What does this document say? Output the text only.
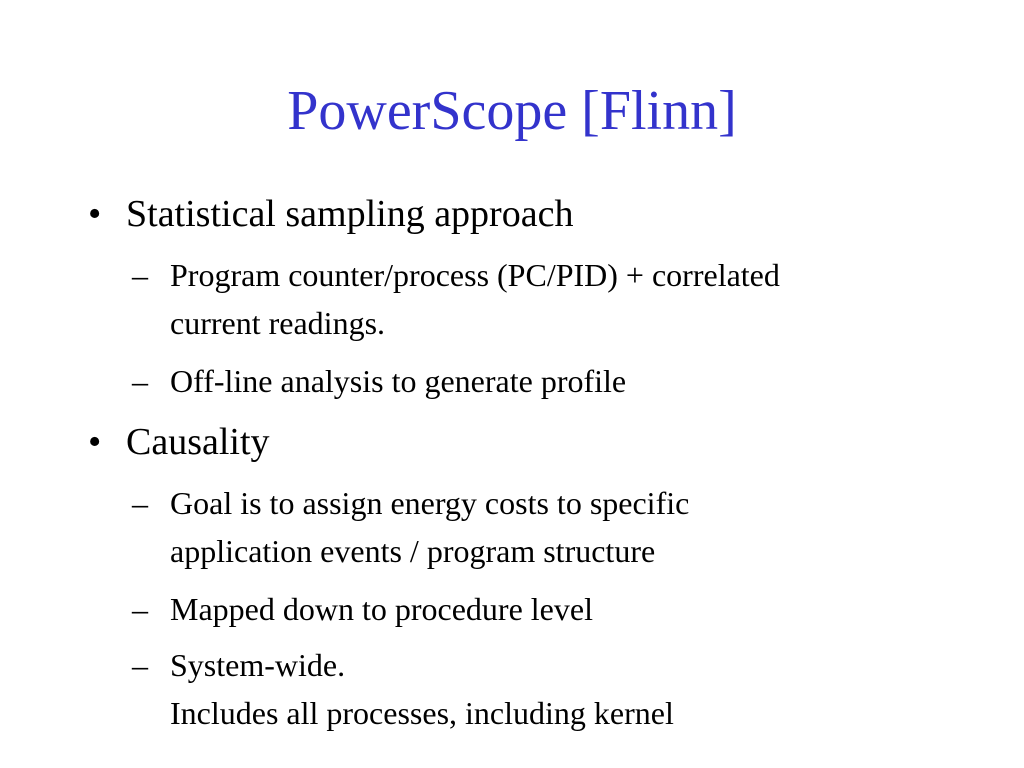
PowerScope [Flinn]
• Statistical sampling approach
– Program counter/process (PC/PID) + correlated
current readings.
– Off-line analysis to generate profile
• Causality
– Goal is to assign energy costs to specific
application events / program structure
– Mapped down to procedure level
– System-wide.
Includes all processes, including kernel
